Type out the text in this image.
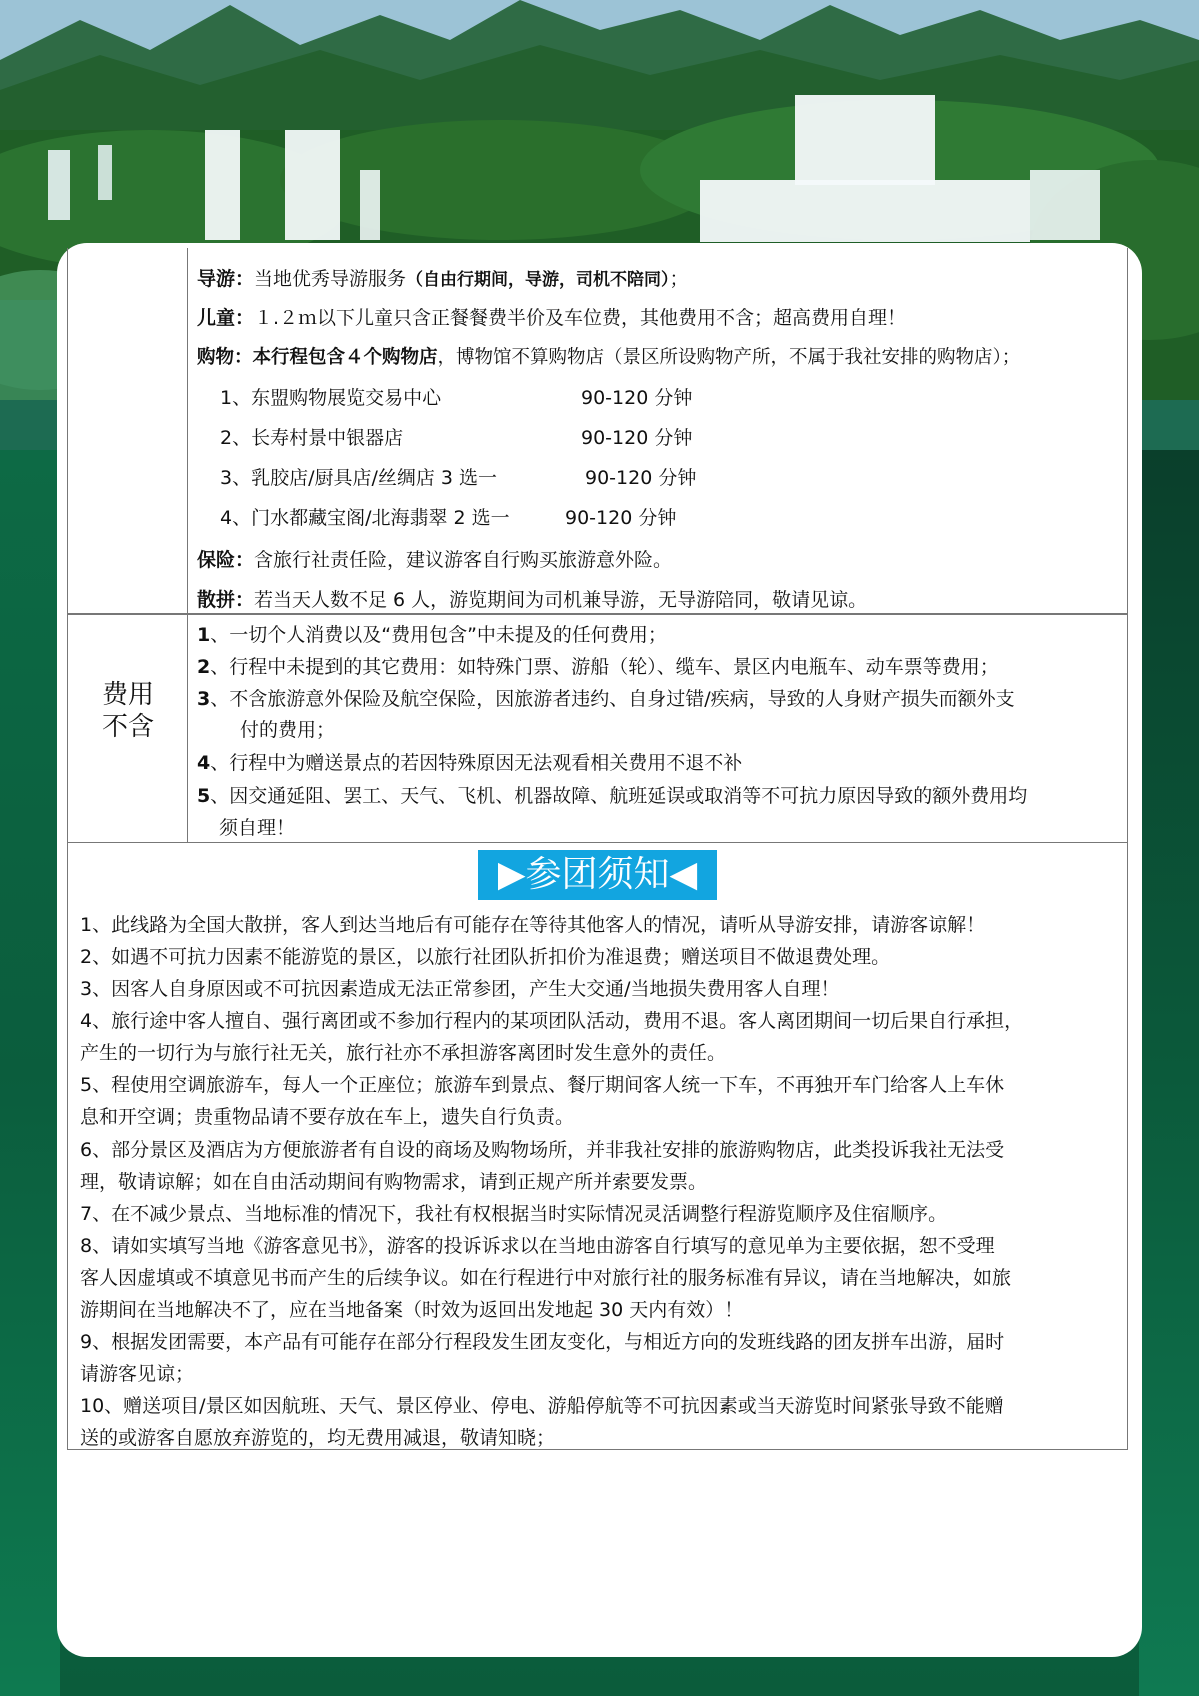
导游：当地优秀导游服务（自由行期间，导游，司机不陪同）；
儿童：１.２ｍ以下儿童只含正餐餐费半价及车位费，其他费用不含；超高费用自理！
购物：本行程包含４个购物店，博物馆不算购物店（景区所设购物产所，不属于我社安排的购物店）；
1、东盟购物展览交易中心	90-120 分钟
2、长寿村景中银器店	90-120 分钟
3、乳胶店/厨具店/丝绸店 3 选一	90-120 分钟
4、门水都藏宝阁/北海翡翠 2 选一	90-120 分钟
保险：含旅行社责任险，建议游客自行购买旅游意外险。
散拼：若当天人数不足 6 人，游览期间为司机兼导游，无导游陪同，敬请见谅。
费用
不含
1、一切个人消费以及“费用包含”中未提及的任何费用；
2、行程中未提到的其它费用：如特殊门票、游船（轮）、缆车、景区内电瓶车、动车票等费用；
3、不含旅游意外保险及航空保险，因旅游者违约、自身过错/疾病，导致的人身财产损失而额外支
付的费用；
4、行程中为赠送景点的若因特殊原因无法观看相关费用不退不补
5、因交通延阻、罢工、天气、飞机、机器故障、航班延误或取消等不可抗力原因导致的额外费用均
须自理！
▶参团须知◀
1、此线路为全国大散拼，客人到达当地后有可能存在等待其他客人的情况，请听从导游安排，请游客谅解！
2、如遇不可抗力因素不能游览的景区，以旅行社团队折扣价为准退费；赠送项目不做退费处理。
3、因客人自身原因或不可抗因素造成无法正常参团，产生大交通/当地损失费用客人自理！
4、旅行途中客人擅自、强行离团或不参加行程内的某项团队活动，费用不退。客人离团期间一切后果自行承担，
产生的一切行为与旅行社无关，旅行社亦不承担游客离团时发生意外的责任。
5、程使用空调旅游车，每人一个正座位；旅游车到景点、餐厅期间客人统一下车，不再独开车门给客人上车休
息和开空调；贵重物品请不要存放在车上，遗失自行负责。
6、部分景区及酒店为方便旅游者有自设的商场及购物场所，并非我社安排的旅游购物店，此类投诉我社无法受
理，敬请谅解；如在自由活动期间有购物需求，请到正规产所并索要发票。
7、在不减少景点、当地标准的情况下，我社有权根据当时实际情况灵活调整行程游览顺序及住宿顺序。
8、请如实填写当地《游客意见书》，游客的投诉诉求以在当地由游客自行填写的意见单为主要依据，恕不受理
客人因虚填或不填意见书而产生的后续争议。如在行程进行中对旅行社的服务标准有异议，请在当地解决，如旅
游期间在当地解决不了，应在当地备案（时效为返回出发地起 30 天内有效）！
9、根据发团需要，本产品有可能存在部分行程段发生团友变化，与相近方向的发班线路的团友拼车出游，届时
请游客见谅；
10、赠送项目/景区如因航班、天气、景区停业、停电、游船停航等不可抗因素或当天游览时间紧张导致不能赠
送的或游客自愿放弃游览的，均无费用减退，敬请知晓；
